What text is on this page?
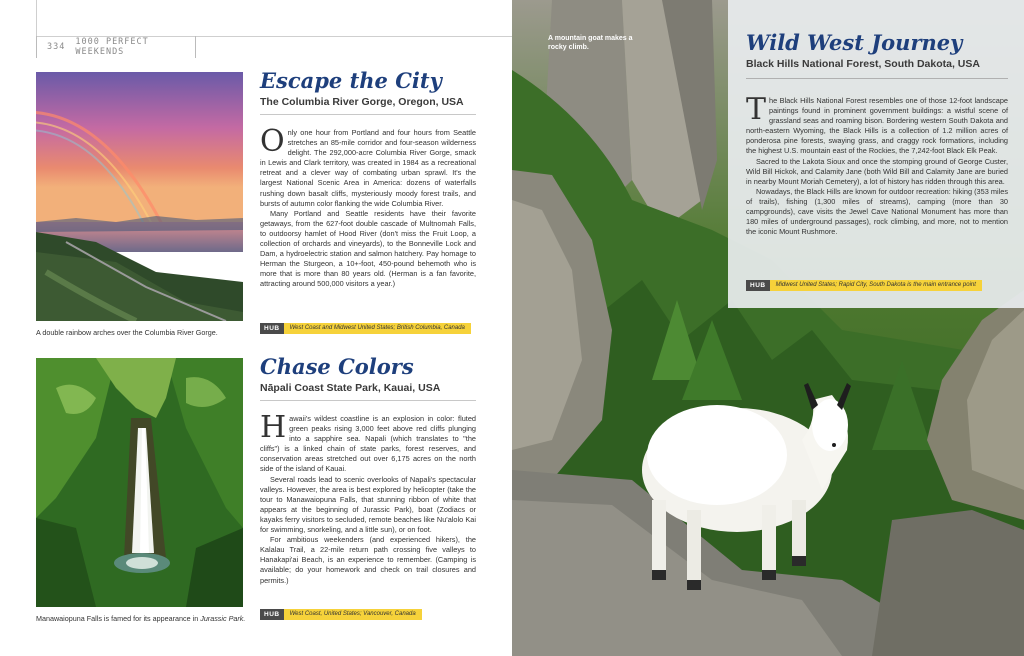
334 1000 PERFECT WEEKENDS
A double rainbow arches over the Columbia River Gorge.
Escape the City
The Columbia River Gorge, Oregon, USA

Only one hour from Portland and four hours from Seattle stretches an 85-mile corridor and four-season wilderness delight. The 292,000-acre Columbia River Gorge, smack in Lewis and Clark territory, was created in 1984 as a recreational retreat and a clever way of combating urban sprawl. It's the largest National Scenic Area in America: dozens of waterfalls rushing down basalt cliffs, mysteriously moody forest trails, and bursts of autumn color flanking the wide Columbia River.

Many Portland and Seattle residents have their favorite getaways, from the 627-foot double cascade of Multnomah Falls, to outdoorsy hamlet of Hood River (don't miss the Fruit Loop, a collection of orchards and vineyards), to the Bonneville Lock and Dam, a hydroelectric station and salmon hatchery. Pay homage to Herman the Sturgeon, a 10+-foot, 450-pound behemoth who is more that is more than 80 years old. (Herman is a fan favorite, attracting around 500,000 visitors a year.)

HUB	West Coast and Midwest United States; British Columbia, Canada
Manawaiopuna Falls is famed for its appearance in Jurassic Park.
Chase Colors
Nāpali Coast State Park, Kauai, USA

Hawaii's wildest coastline is an explosion in color: fluted green peaks rising 3,000 feet above red cliffs plunging into a sapphire sea. Napali (which translates to "the cliffs") is a linked chain of state parks, forest reserves, and conservation areas stretched out over 6,175 acres on the north side of the island of Kauai.

Several roads lead to scenic overlooks of Napali's spectacular valleys. However, the area is best explored by helicopter (take the tour to Manawaiopuna Falls, that stunning ribbon of white that appears at the beginning of Jurassic Park), boat (Zodiacs or kayaks ferry visitors to secluded, remote beaches like Nu'alolo Kai for swimming, snorkeling, and a little sun), or on foot.

For ambitious weekenders (and experienced hikers), the Kalalau Trail, a 22-mile return path crossing five valleys to Hanakapi'ai Beach, is an experience to remember. (Camping is available; do your homework and check on trail closures and permits.)

HUB	West Coast, United States; Vancouver, Canada
A mountain goat makes a rocky climb.	Wild West Journey
Black Hills National Forest, South Dakota, USA

The Black Hills National Forest resembles one of those 12-foot landscape paintings found in prominent government buildings: a wistful scene of grassland seas and roaming bison. Bordering western South Dakota and north-eastern Wyoming, the Black Hills is a collection of 1.2 million acres of ponderosa pine forests, swaying grass, and craggy rock formations, including the highest U.S. mountain east of the Rockies, the 7,242-foot Black Elk Peak.

Sacred to the Lakota Sioux and once the stomping ground of George Custer, Wild Bill Hickok, and Calamity Jane (both Wild Bill and Calamity Jane are buried in nearby Mount Moriah Cemetery), a lot of history has ridden through this area.

Nowadays, the Black Hills are known for outdoor recreation: hiking (353 miles of trails), fishing (1,300 miles of streams), camping (more than 30 campgrounds), cave visits the Jewel Cave National Monument has more than 180 miles of underground passages), rock climbing, and more, not to mention the iconic Mount Rushmore.

HUB	Midwest United States; Rapid City, South Dakota is the main entrance point
